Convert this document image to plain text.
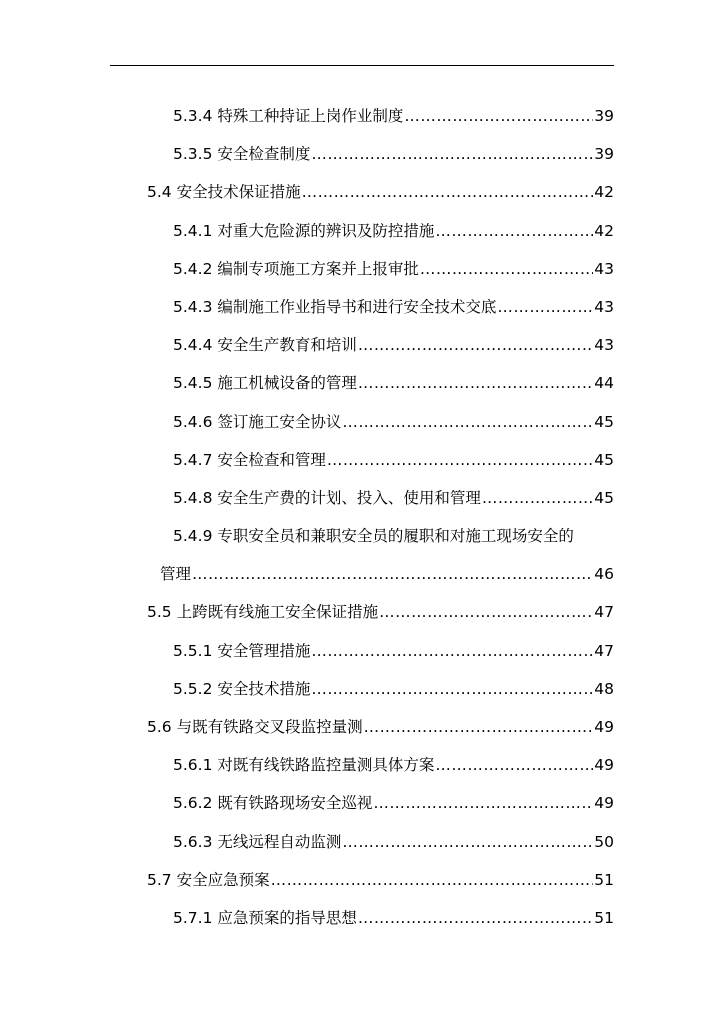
5.3.4 特殊工种持证上岗作业制度 ……………………………………………………………………………………………………………………………………………………………………	39
5.3.5 安全检查制度 ……………………………………………………………………………………………………………………………………………………………………	39
5.4 安全技术保证措施 ……………………………………………………………………………………………………………………………………………………………………	42
5.4.1 对重大危险源的辨识及防控措施 ……………………………………………………………………………………………………………………………………………………………………	42
5.4.2 编制专项施工方案并上报审批 ……………………………………………………………………………………………………………………………………………………………………	43
5.4.3 编制施工作业指导书和进行安全技术交底 ……………………………………………………………………………………………………………………………………………………………………	43
5.4.4 安全生产教育和培训 ……………………………………………………………………………………………………………………………………………………………………	43
5.4.5 施工机械设备的管理 ……………………………………………………………………………………………………………………………………………………………………	44
5.4.6 签订施工安全协议 ……………………………………………………………………………………………………………………………………………………………………	45
5.4.7 安全检查和管理 ……………………………………………………………………………………………………………………………………………………………………	45
5.4.8 安全生产费的计划、投入、使用和管理 ……………………………………………………………………………………………………………………………………………………………………	45
5.4.9 专职安全员和兼职安全员的履职和对施工现场安全的
管理 ……………………………………………………………………………………………………………………………………………………………………	46
5.5 上跨既有线施工安全保证措施 ……………………………………………………………………………………………………………………………………………………………………	47
5.5.1 安全管理措施 ……………………………………………………………………………………………………………………………………………………………………	47
5.5.2 安全技术措施 ……………………………………………………………………………………………………………………………………………………………………	48
5.6 与既有铁路交叉段监控量测 ……………………………………………………………………………………………………………………………………………………………………	49
5.6.1 对既有线铁路监控量测具体方案 ……………………………………………………………………………………………………………………………………………………………………	49
5.6.2 既有铁路现场安全巡视 ……………………………………………………………………………………………………………………………………………………………………	49
5.6.3 无线远程自动监测 ……………………………………………………………………………………………………………………………………………………………………	50
5.7 安全应急预案 ……………………………………………………………………………………………………………………………………………………………………	51
5.7.1 应急预案的指导思想 ……………………………………………………………………………………………………………………………………………………………………	51
